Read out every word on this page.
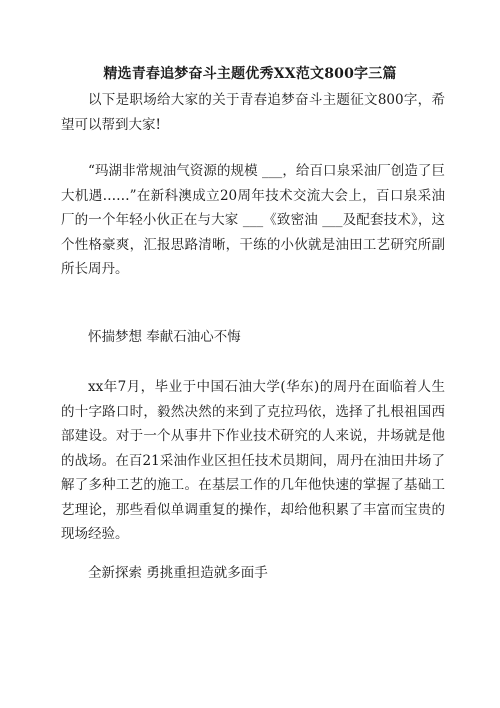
精选青春追梦奋斗主题优秀XX范文800字三篇

以下是职场给大家的关于青春追梦奋斗主题征文800字，希望可以帮到大家!

“玛湖非常规油气资源的规模 ___，给百口泉采油厂创造了巨大机遇……”在新科澳成立20周年技术交流大会上，百口泉采油厂的一个年轻小伙正在与大家 ___《致密油 ___及配套技术》，这个性格豪爽，汇报思路清晰，干练的小伙就是油田工艺研究所副所长周丹。

怀揣梦想 奉献石油心不悔

xx年7月，毕业于中国石油大学(华东)的周丹在面临着人生的十字路口时，毅然决然的来到了克拉玛依，选择了扎根祖国西部建设。对于一个从事井下作业技术研究的人来说，井场就是他的战场。在百21采油作业区担任技术员期间，周丹在油田井场了解了多种工艺的施工。在基层工作的几年他快速的掌握了基础工艺理论，那些看似单调重复的操作，却给他积累了丰富而宝贵的现场经验。

全新探索 勇挑重担造就多面手
